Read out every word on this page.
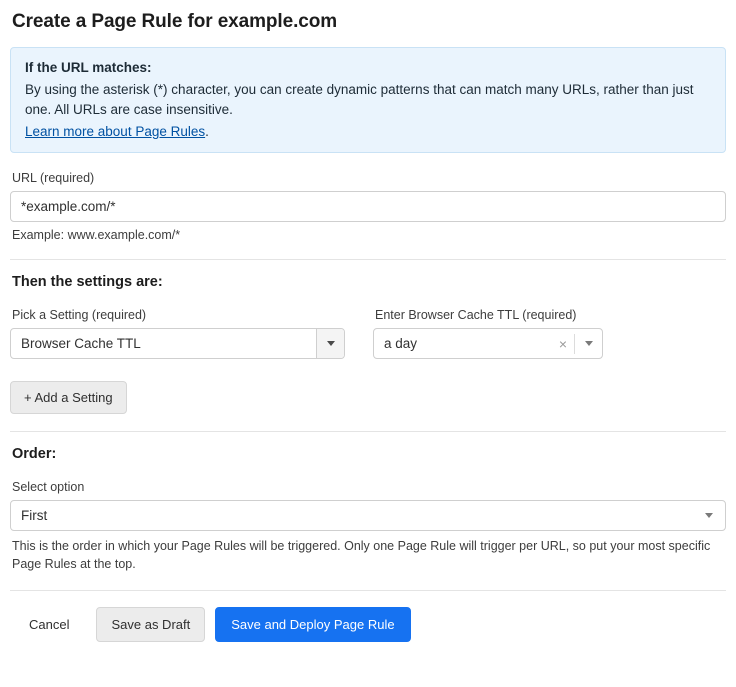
Create a Page Rule for example.com
If the URL matches:
By using the asterisk (*) character, you can create dynamic patterns that can match many URLs, rather than just one. All URLs are case insensitive.
Learn more about Page Rules.
URL (required)
*example.com/*
Example: www.example.com/*
Then the settings are:
Pick a Setting (required)
Browser Cache TTL
Enter Browser Cache TTL (required)
a day	×
+ Add a Setting
Order:
Select option
First
This is the order in which your Page Rules will be triggered. Only one Page Rule will trigger per URL, so put your most specific Page Rules at the top.
Cancel	Save as Draft	Save and Deploy Page Rule
